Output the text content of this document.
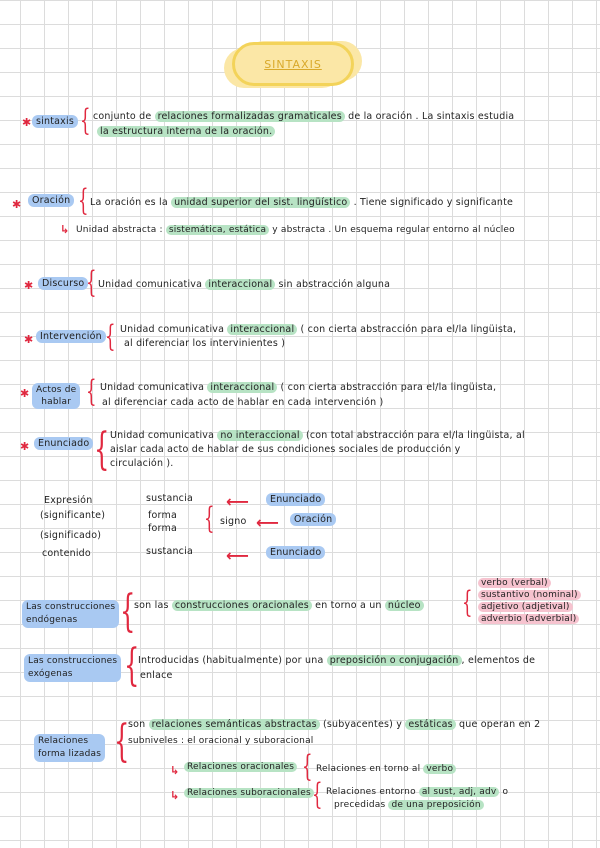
SINTAXIS
✱ sintaxis { conjunto de relaciones formalizadas gramaticales de la oración . La sintaxis estudia
la estructura interna de la oración.
✱	Oración { La oración es la unidad superior del sist. lingüístico . Tiene significado y significante
↳ Unidad abstracta : sistemática, estática y abstracta . Un esquema regular entorno al núcleo
✱ Discurso { Unidad comunicativa interaccional sin abstracción alguna
✱ Intervención { Unidad comunicativa interaccional ( con cierta abstracción para el/la lingüista,
al diferenciar los intervinientes )
✱ Actos de
hablar { Unidad comunicativa interaccional ( con cierta abstracción para el/la lingüista,
al diferenciar cada acto de hablar en cada intervención )
✱ Enunciado { Unidad comunicativa no interaccional (con total abstracción para el/la lingüista, al
aislar cada acto de hablar de sus condiciones sociales de producción y
circulación ).
Expresión
(significante)
(significado)
contenido
sustancia
forma
forma
sustancia
{ signo
⟵	Enunciado
⟵	Oración
⟵	Enunciado
Las construcciones
endógenas {
son las construcciones oracionales en torno a un núcleo {
verbo (verbal)
sustantivo (nominal)
adjetivo (adjetival)
adverbio (adverbial)
Las construcciones
exógenas	{
Introducidas (habitualmente) por una preposición o conjugación , elementos de
enlace
Relaciones
forma lizadas {
son relaciones semánticas abstractas (subyacentes) y estáticas que operan en 2
subniveles : el oracional y suboracional
↳ Relaciones oracionales { Relaciones en torno al verbo
↳ Relaciones suboracionales { Relaciones entorno al sust, adj, adv o
precedidas de una preposición
